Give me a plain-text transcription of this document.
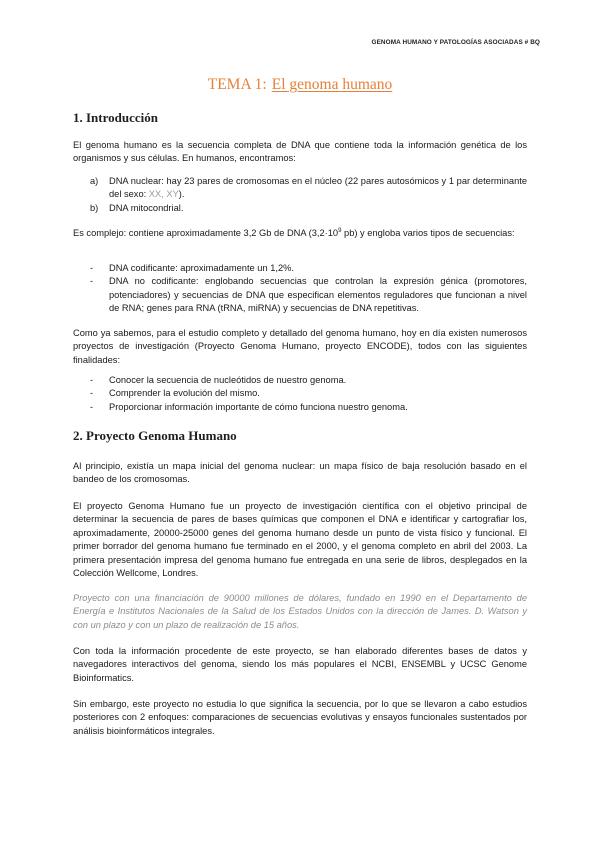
GENOMA HUMANO Y PATOLOGÍAS ASOCIADAS # BQ
TEMA 1: El genoma humano
1. Introducción

El genoma humano es la secuencia completa de DNA que contiene toda la información genética de los organismos y sus células. En humanos, encontramos:

a) DNA nuclear: hay 23 pares de cromosomas en el núcleo (22 pares autosómicos y 1 par determinante del sexo: XX, XY).
b) DNA mitocondrial.

Es complejo: contiene aproximadamente 3,2 Gb de DNA ($3,2\cdot 10^9$ pb) y engloba varios tipos de secuencias:

- DNA codificante: aproximadamente un 1,2%.
- DNA no codificante: englobando secuencias que controlan la expresión génica (promotores, potenciadores) y secuencias de DNA que especifican elementos reguladores que funcionan a nivel de RNA; genes para RNA (tRNA, miRNA) y secuencias de DNA repetitivas.

Como ya sabemos, para el estudio completo y detallado del genoma humano, hoy en día existen numerosos proyectos de investigación (Proyecto Genoma Humano, proyecto ENCODE), todos con las siguientes finalidades:

- Conocer la secuencia de nucleótidos de nuestro genoma.
- Comprender la evolución del mismo.
- Proporcionar información importante de cómo funciona nuestro genoma.
2. Proyecto Genoma Humano

Al principio, existía un mapa inicial del genoma nuclear: un mapa físico de baja resolución basado en el bandeo de los cromosomas.

El proyecto Genoma Humano fue un proyecto de investigación científica con el objetivo principal de determinar la secuencia de pares de bases químicas que componen el DNA e identificar y cartografiar los, aproximadamente, 20000-25000 genes del genoma humano desde un punto de vista físico y funcional. El primer borrador del genoma humano fue terminado en el 2000, y el genoma completo en abril del 2003. La primera presentación impresa del genoma humano fue entregada en una serie de libros, desplegados en la Colección Wellcome, Londres.

Proyecto con una financiación de 90000 millones de dólares, fundado en 1990 en el Departamento de Energía e Institutos Nacionales de la Salud de los Estados Unidos con la dirección de James. D. Watson y con un plazo y con un plazo de realización de 15 años.

Con toda la información procedente de este proyecto, se han elaborado diferentes bases de datos y navegadores interactivos del genoma, siendo los más populares el NCBI, ENSEMBL y UCSC Genome Bioinformatics.

Sin embargo, este proyecto no estudia lo que significa la secuencia, por lo que se llevaron a cabo estudios posteriores con 2 enfoques: comparaciones de secuencias evolutivas y ensayos funcionales sustentados por análisis bioinformáticos integrales.
